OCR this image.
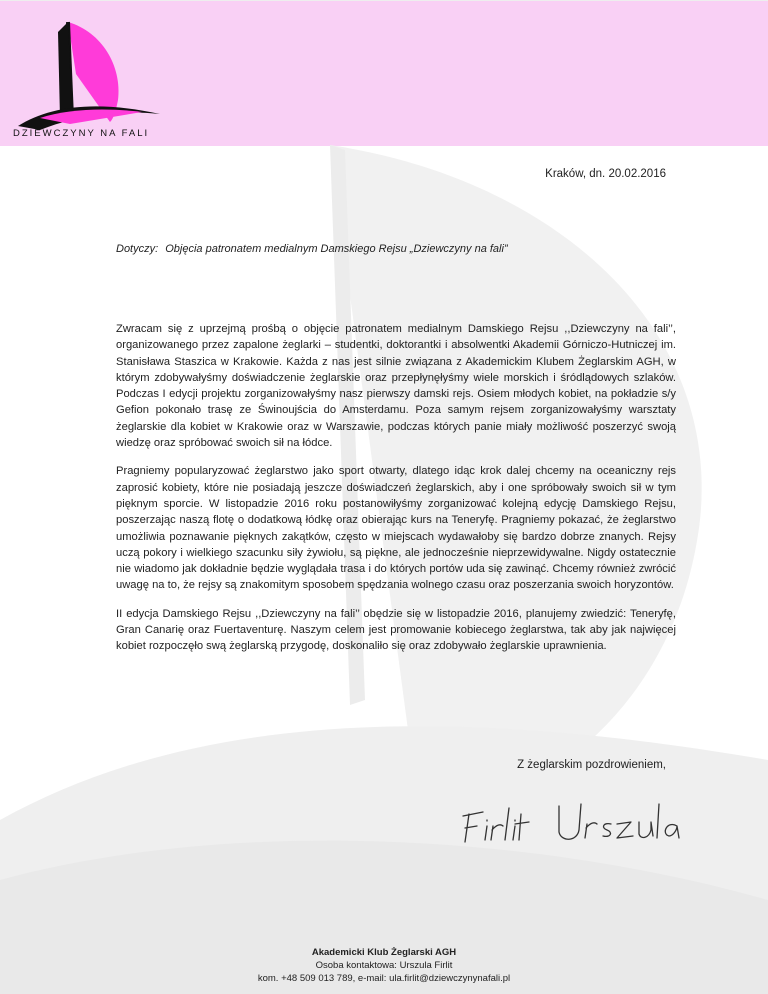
DZIEWCZYNY NA FALI
Kraków, dn. 20.02.2016
Dotyczy: Objęcia patronatem medialnym Damskiego Rejsu „Dziewczyny na fali”

Zwracam się z uprzejmą prośbą o objęcie patronatem medialnym Damskiego Rejsu ,,Dziewczyny na fali’’, organizowanego przez zapalone żeglarki – studentki, doktorantki i absolwentki Akademii Górniczo-Hutniczej im. Stanisława Staszica w Krakowie. Każda z nas jest silnie związana z Akademickim Klubem Żeglarskim AGH, w którym zdobywałyśmy doświadczenie żeglarskie oraz przepłynęłyśmy wiele morskich i śródlądowych szlaków. Podczas I edycji projektu zorganizowałyśmy nasz pierwszy damski rejs. Osiem młodych kobiet, na pokładzie s/y Gefion pokonało trasę ze Świnoujścia do Amsterdamu. Poza samym rejsem zorganizowałyśmy warsztaty żeglarskie dla kobiet w Krakowie oraz w Warszawie, podczas których panie miały możliwość poszerzyć swoją wiedzę oraz spróbować swoich sił na łódce.

Pragniemy popularyzować żeglarstwo jako sport otwarty, dlatego idąc krok dalej chcemy na oceaniczny rejs zaprosić kobiety, które nie posiadają jeszcze doświadczeń żeglarskich, aby i one spróbowały swoich sił w tym pięknym sporcie. W listopadzie 2016 roku postanowiłyśmy zorganizować kolejną edycję Damskiego Rejsu, poszerzając naszą flotę o dodatkową łódkę oraz obierając kurs na Teneryfę. Pragniemy pokazać, że żeglarstwo umożliwia poznawanie pięknych zakątków, często w miejscach wydawałoby się bardzo dobrze znanych. Rejsy uczą pokory i wielkiego szacunku siły żywiołu, są piękne, ale jednocześnie nieprzewidywalne. Nigdy ostatecznie nie wiadomo jak dokładnie będzie wyglądała trasa i do których portów uda się zawinąć. Chcemy również zwrócić uwagę na to, że rejsy są znakomitym sposobem spędzania wolnego czasu oraz poszerzania swoich horyzontów.

II edycja Damskiego Rejsu ,,Dziewczyny na fali’’ obędzie się w listopadzie 2016, planujemy zwiedzić: Teneryfę, Gran Canarię oraz Fuertaventurę. Naszym celem jest promowanie kobiecego żeglarstwa, tak aby jak najwięcej kobiet rozpoczęło swą żeglarską przygodę, doskonaliło się oraz zdobywało żeglarskie uprawnienia.

Z żeglarskim pozdrowieniem,
Akademicki Klub Żeglarski AGH
Osoba kontaktowa: Urszula Firlit
kom. +48 509 013 789, e-mail: ula.firlit@dziewczynynafali.pl
